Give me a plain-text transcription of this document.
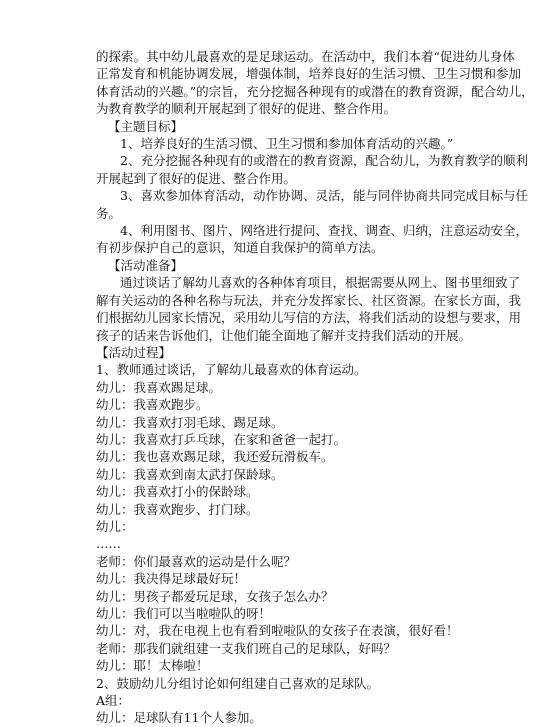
的探索。其中幼儿最喜欢的是足球运动。在活动中，我们本着“促进幼儿身体

正常发育和机能协调发展，增强体制，培养良好的生活习惯、卫生习惯和参加

体育活动的兴趣。”的宗旨，充分挖掘各种现有的或潜在的教育资源，配合幼儿，

为教育教学的顺利开展起到了很好的促进、整合作用。

【主题目标】

1、培养良好的生活习惯、卫生习惯和参加体育活动的兴趣。”

2、充分挖掘各种现有的或潜在的教育资源，配合幼儿，为教育教学的顺利

开展起到了很好的促进、整合作用。

3、喜欢参加体育活动，动作协调、灵活，能与同伴协商共同完成目标与任

务。

4、利用图书、图片、网络进行提问、查找、调查、归纳，注意运动安全，

有初步保护自己的意识，知道自我保护的简单方法。

【活动准备】

通过谈话了解幼儿喜欢的各种体育项目，根据需要从网上、图书里细致了

解有关运动的各种名称与玩法，并充分发挥家长、社区资源。在家长方面，我

们根据幼儿园家长情况，采用幼儿写信的方法，将我们活动的设想与要求，用

孩子的话来告诉他们，让他们能全面地了解并支持我们活动的开展。

【活动过程】

1、教师通过谈话，了解幼儿最喜欢的体育运动。

幼儿：我喜欢踢足球。

幼儿：我喜欢跑步。

幼儿：我喜欢打羽毛球、踢足球。

幼儿：我喜欢打乒乓球，在家和爸爸一起打。

幼儿：我也喜欢踢足球，我还爱玩滑板车。

幼儿：我喜欢到南太武打保龄球。

幼儿：我喜欢打小的保龄球。

幼儿：我喜欢跑步、打门球。

幼儿：

……

老师：你们最喜欢的运动是什么呢？

幼儿：我决得足球最好玩！

幼儿：男孩子都爱玩足球，女孩子怎么办？

幼儿：我们可以当啦啦队的呀！

幼儿：对，我在电视上也有看到啦啦队的女孩子在表演，很好看！

老师：那我们就组建一支我们班自己的足球队，好吗？

幼儿：耶！太棒啦！

2、鼓励幼儿分组讨论如何组建自己喜欢的足球队。

A组：

幼儿：足球队有11个人参加。
